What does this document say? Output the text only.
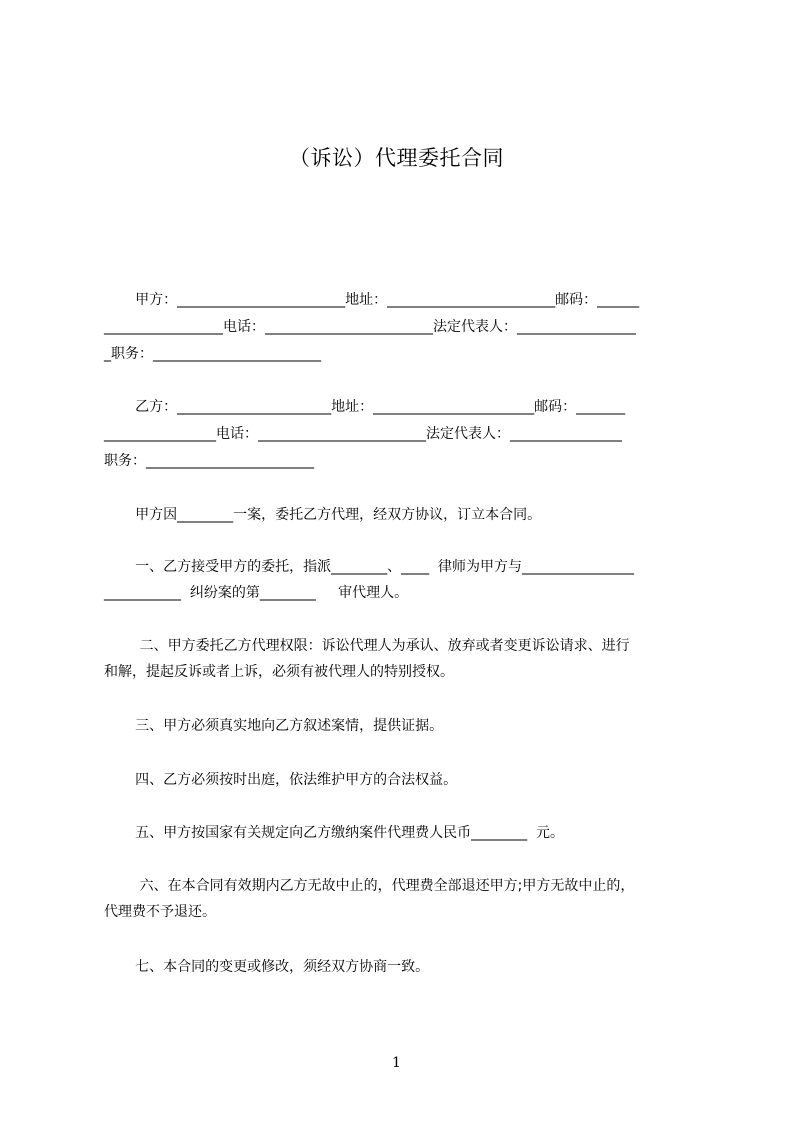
（诉讼）代理委托合同
甲方：________________________地址：________________________邮码：______
_________________电话：________________________法定代表人：_________________
_职务：________________________
乙方：______________________地址：_______________________邮码：_______
________________电话：________________________法定代表人：________________
职务：________________________
甲方因________一案，委托乙方代理，经双方协议，订立本合同。
一、乙方接受甲方的委托，指派________、____  律师为甲方与________________
___________  纠纷案的第________     审代理人。
二、甲方委托乙方代理权限：诉讼代理人为承认、放弃或者变更诉讼请求、进行
和解，提起反诉或者上诉，必须有被代理人的特别授权。
三、甲方必须真实地向乙方叙述案情，提供证据。
四、乙方必须按时出庭，依法维护甲方的合法权益。
五、甲方按国家有关规定向乙方缴纳案件代理费人民币________  元。
六、在本合同有效期内乙方无故中止的，代理费全部退还甲方;甲方无故中止的，
代理费不予退还。
七、本合同的变更或修改，须经双方协商一致。
1
